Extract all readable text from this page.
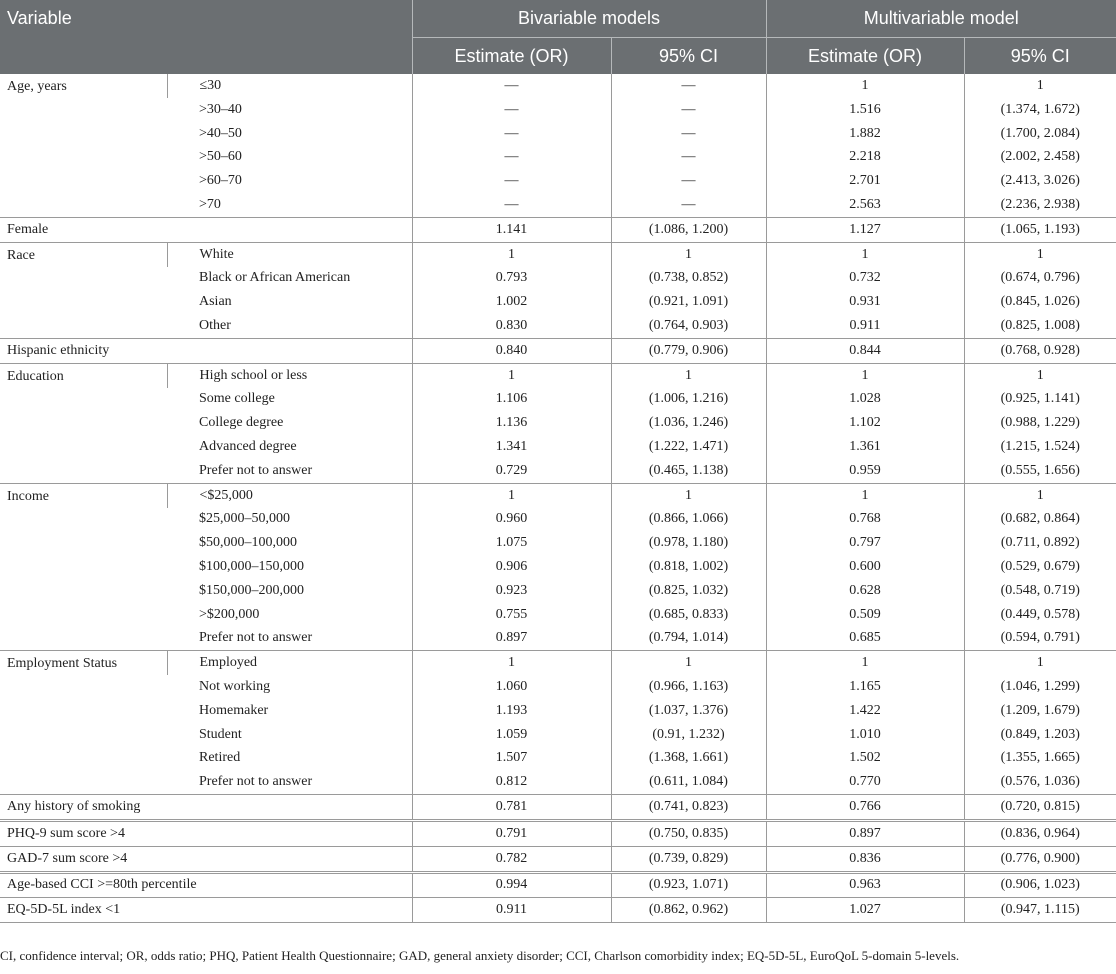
Variable		Bivariable models		Multivariable model	
		Estimate (OR)	95% CI	Estimate (OR)	95% CI
Age, years	≤30	—	—	1	1
	>30–40	—	—	1.516	(1.374, 1.672)
	>40–50	—	—	1.882	(1.700, 2.084)
	>50–60	—	—	2.218	(2.002, 2.458)
	>60–70	—	—	2.701	(2.413, 3.026)
	>70	—	—	2.563	(2.236, 2.938)
Female		1.141	(1.086, 1.200)	1.127	(1.065, 1.193)
Race	White	1	1	1	1
	Black or African American	0.793	(0.738, 0.852)	0.732	(0.674, 0.796)
	Asian	1.002	(0.921, 1.091)	0.931	(0.845, 1.026)
	Other	0.830	(0.764, 0.903)	0.911	(0.825, 1.008)
Hispanic ethnicity		0.840	(0.779, 0.906)	0.844	(0.768, 0.928)
Education	High school or less	1	1	1	1
	Some college	1.106	(1.006, 1.216)	1.028	(0.925, 1.141)
	College degree	1.136	(1.036, 1.246)	1.102	(0.988, 1.229)
	Advanced degree	1.341	(1.222, 1.471)	1.361	(1.215, 1.524)
	Prefer not to answer	0.729	(0.465, 1.138)	0.959	(0.555, 1.656)
Income	<$25,000	1	1	1	1
	$25,000–50,000	0.960	(0.866, 1.066)	0.768	(0.682, 0.864)
	$50,000–100,000	1.075	(0.978, 1.180)	0.797	(0.711, 0.892)
	$100,000–150,000	0.906	(0.818, 1.002)	0.600	(0.529, 0.679)
	$150,000–200,000	0.923	(0.825, 1.032)	0.628	(0.548, 0.719)
	>$200,000	0.755	(0.685, 0.833)	0.509	(0.449, 0.578)
	Prefer not to answer	0.897	(0.794, 1.014)	0.685	(0.594, 0.791)
Employment Status	Employed	1	1	1	1
	Not working	1.060	(0.966, 1.163)	1.165	(1.046, 1.299)
	Homemaker	1.193	(1.037, 1.376)	1.422	(1.209, 1.679)
	Student	1.059	(0.91, 1.232)	1.010	(0.849, 1.203)
	Retired	1.507	(1.368, 1.661)	1.502	(1.355, 1.665)
	Prefer not to answer	0.812	(0.611, 1.084)	0.770	(0.576, 1.036)
Any history of smoking		0.781	(0.741, 0.823)	0.766	(0.720, 0.815)
PHQ-9 sum score >4		0.791	(0.750, 0.835)	0.897	(0.836, 0.964)
GAD-7 sum score >4		0.782	(0.739, 0.829)	0.836	(0.776, 0.900)
Age-based CCI >=80th percentile		0.994	(0.923, 1.071)	0.963	(0.906, 1.023)
EQ-5D-5L index <1		0.911	(0.862, 0.962)	1.027	(0.947, 1.115)
CI, confidence interval; OR, odds ratio; PHQ, Patient Health Questionnaire; GAD, general anxiety disorder; CCI, Charlson comorbidity index; EQ-5D-5L, EuroQoL 5-domain 5-levels.
